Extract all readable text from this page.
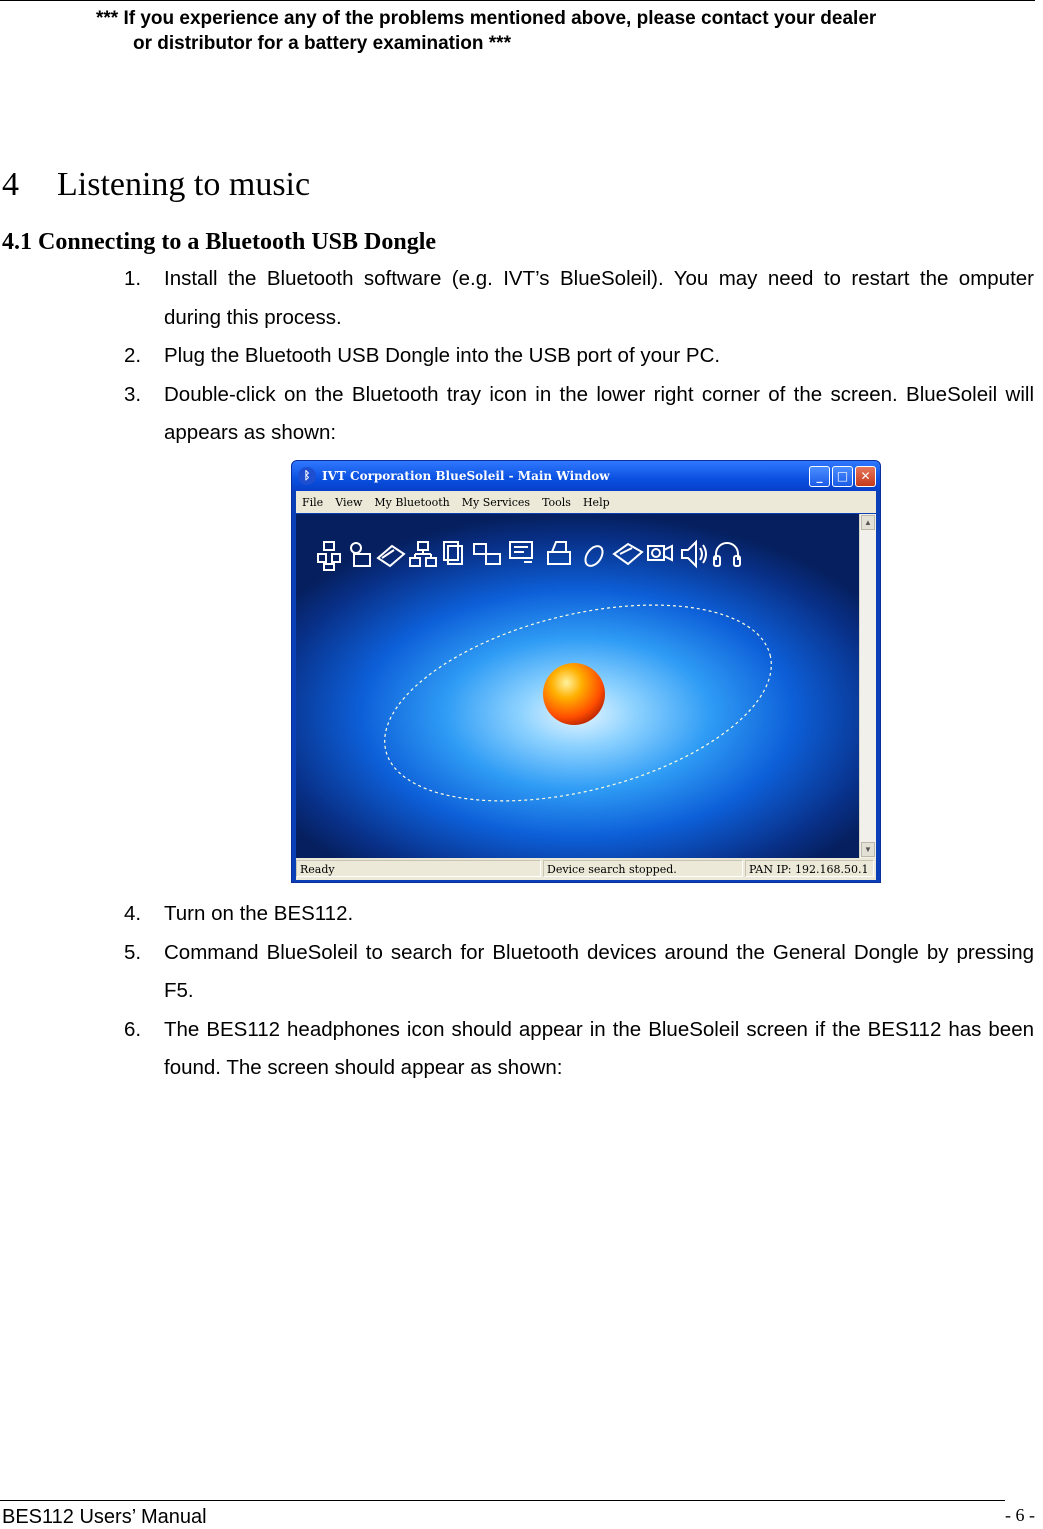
*** If you experience any of the problems mentioned above, please contact your dealer
or distributor for a battery examination ***
4 Listening to music
4.1 Connecting to a Bluetooth USB Dongle
1.	Install the Bluetooth software (e.g. IVT’s BlueSoleil). You may need to restart the omputer during this process.
2.	Plug the Bluetooth USB Dongle into the USB port of your PC.
3.	Double-click on the Bluetooth tray icon in the lower right corner of the screen. BlueSoleil will appears as shown:
ᛒ IVT Corporation BlueSoleil - Main Window	_	□	✕
File	View	My Bluetooth	My Services	Tools	Help
▲
▼
Ready	Device search stopped.	PAN IP: 192.168.50.1
4.	Turn on the BES112.
5.	Command BlueSoleil to search for Bluetooth devices around the General Dongle by pressing F5.
6.	The BES112 headphones icon should appear in the BlueSoleil screen if the BES112 has been found. The screen should appear as shown:
BES112 Users’ Manual	- 6 -
